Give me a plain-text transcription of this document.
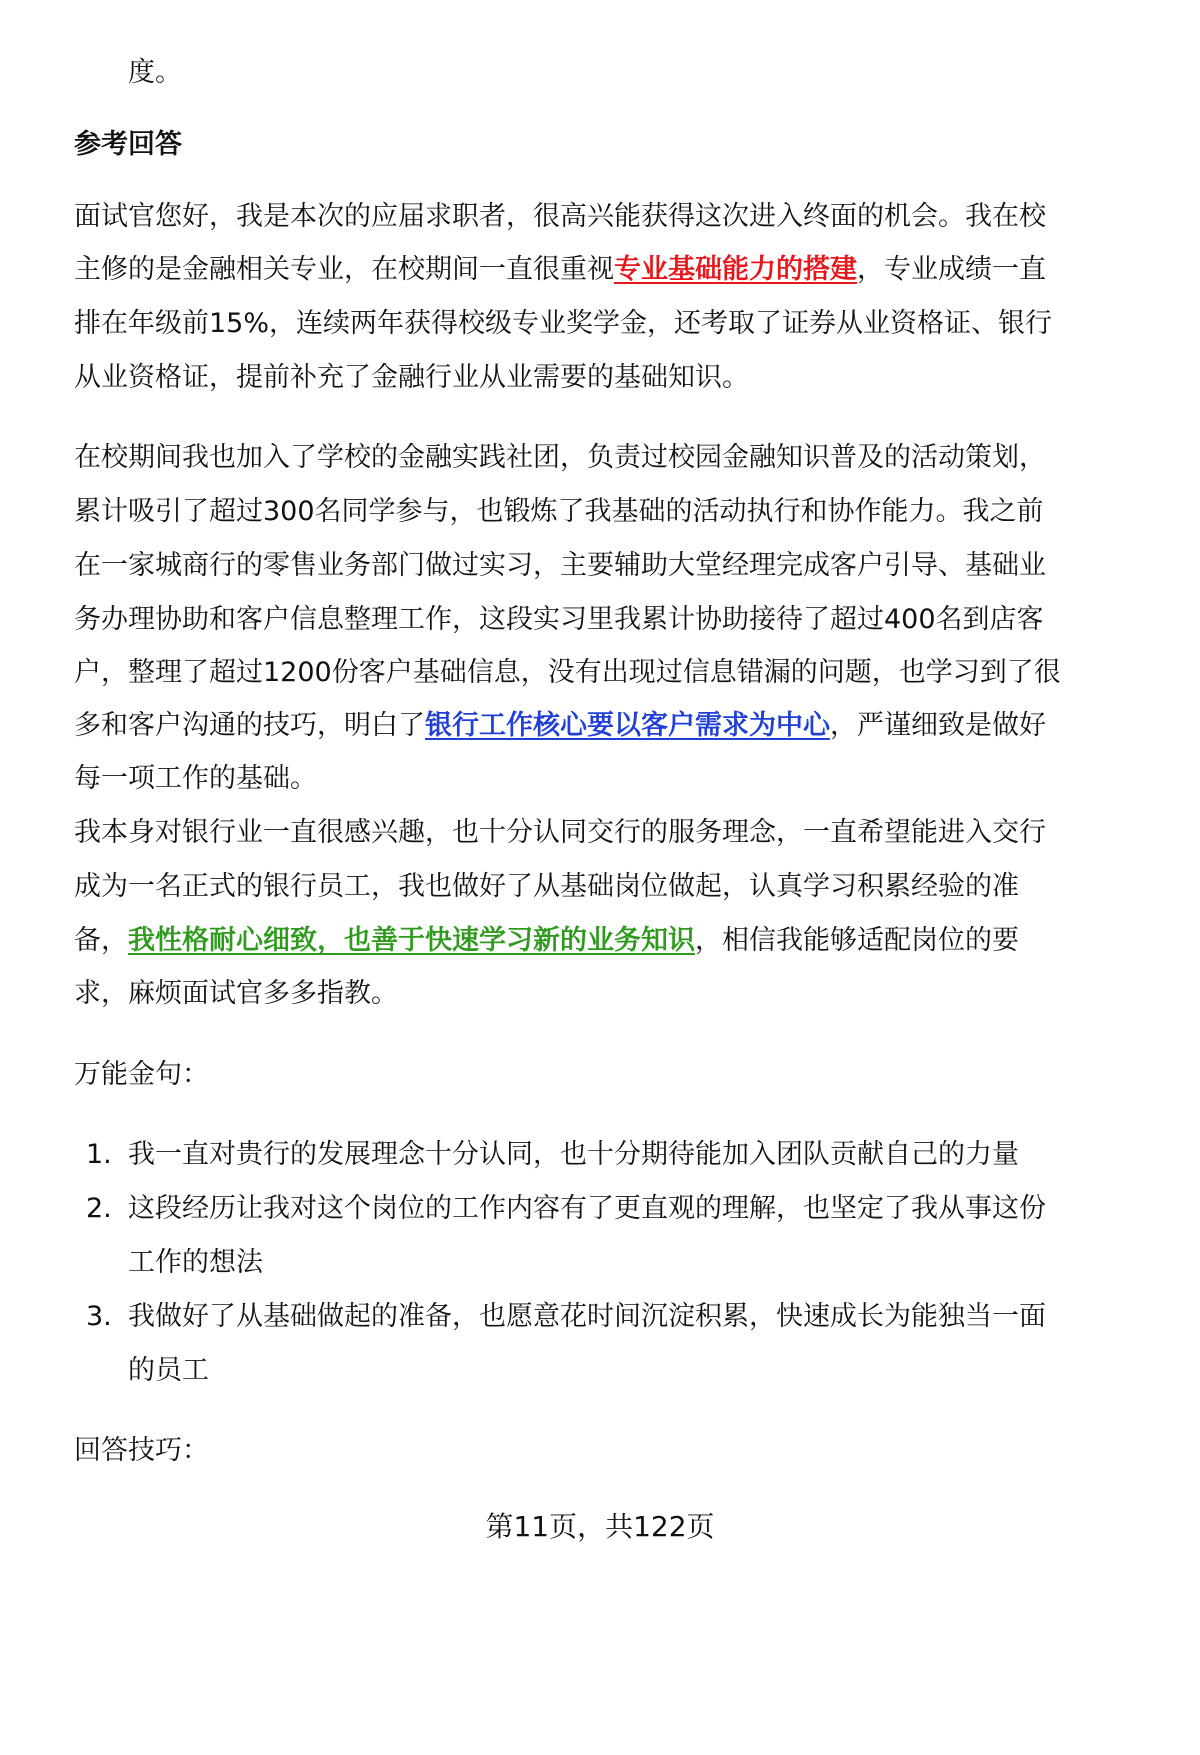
度。
参考回答
面试官您好，我是本次的应届求职者，很高兴能获得这次进入终面的机会。我在校
主修的是金融相关专业，在校期间一直很重视专业基础能力的搭建，专业成绩一直
排在年级前15%，连续两年获得校级专业奖学金，还考取了证券从业资格证、银行
从业资格证，提前补充了金融行业从业需要的基础知识。
在校期间我也加入了学校的金融实践社团，负责过校园金融知识普及的活动策划，
累计吸引了超过300名同学参与，也锻炼了我基础的活动执行和协作能力。我之前
在一家城商行的零售业务部门做过实习，主要辅助大堂经理完成客户引导、基础业
务办理协助和客户信息整理工作，这段实习里我累计协助接待了超过400名到店客
户，整理了超过1200份客户基础信息，没有出现过信息错漏的问题，也学习到了很
多和客户沟通的技巧，明白了银行工作核心要以客户需求为中心，严谨细致是做好
每一项工作的基础。
我本身对银行业一直很感兴趣，也十分认同交行的服务理念，一直希望能进入交行
成为一名正式的银行员工，我也做好了从基础岗位做起，认真学习积累经验的准
备，我性格耐心细致，也善于快速学习新的业务知识，相信我能够适配岗位的要
求，麻烦面试官多多指教。
万能金句：
1. 我一直对贵行的发展理念十分认同，也十分期待能加入团队贡献自己的力量
2. 这段经历让我对这个岗位的工作内容有了更直观的理解，也坚定了我从事这份
工作的想法
3. 我做好了从基础做起的准备，也愿意花时间沉淀积累，快速成长为能独当一面
的员工
回答技巧：
第11页，共122页
